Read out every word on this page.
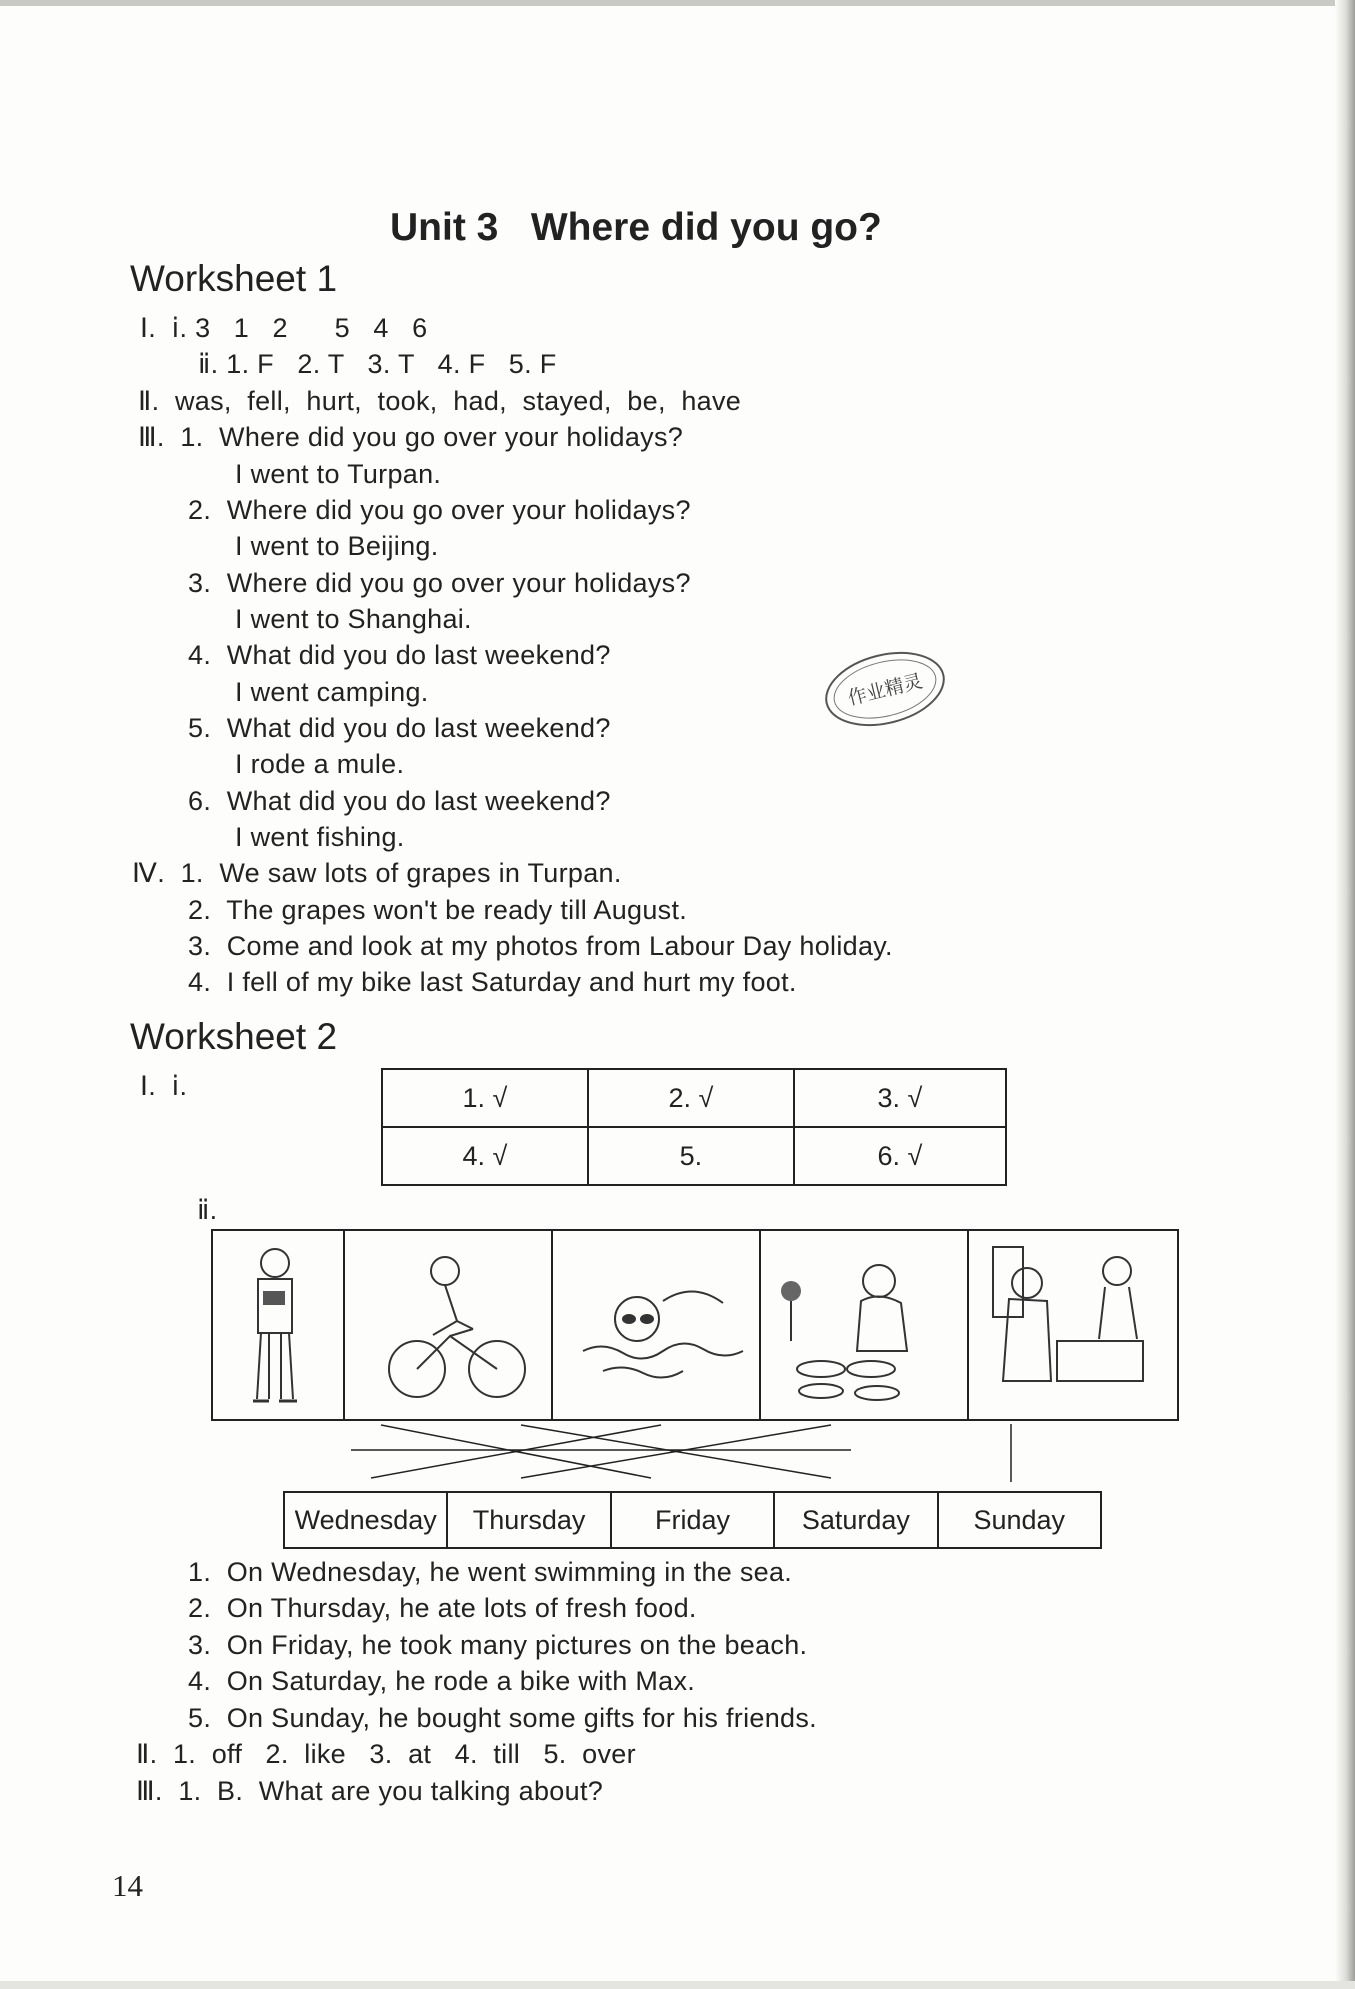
Unit 3   Where did you go?
Worksheet 1
Ⅰ.  ⅰ. 3   1   2      5   4   6
ⅱ. 1. F   2. T   3. T   4. F   5. F
Ⅱ.  was,  fell,  hurt,  took,  had,  stayed,  be,  have
Ⅲ.  1.  Where did you go over your holidays?
I went to Turpan.
2.  Where did you go over your holidays?
I went to Beijing.
3.  Where did you go over your holidays?
I went to Shanghai.
4.  What did you do last weekend?
I went camping.
5.  What did you do last weekend?
I rode a mule.
6.  What did you do last weekend?
I went fishing.
Ⅳ.  1.  We saw lots of grapes in Turpan.
2.  The grapes won't be ready till August.
3.  Come and look at my photos from Labour Day holiday.
4.  I fell of my bike last Saturday and hurt my foot.
作业精灵
Worksheet 2
Ⅰ.  ⅰ.	1. √	2. √	3. √
4. √	5.	6. √
ⅱ.
Wednesday	Thursday	Friday	Saturday	Sunday
1.  On Wednesday, he went swimming in the sea.
2.  On Thursday, he ate lots of fresh food.
3.  On Friday, he took many pictures on the beach.
4.  On Saturday, he rode a bike with Max.
5.  On Sunday, he bought some gifts for his friends.
Ⅱ.  1.  off   2.  like   3.  at   4.  till   5.  over
Ⅲ.  1.  B.  What are you talking about?
14
